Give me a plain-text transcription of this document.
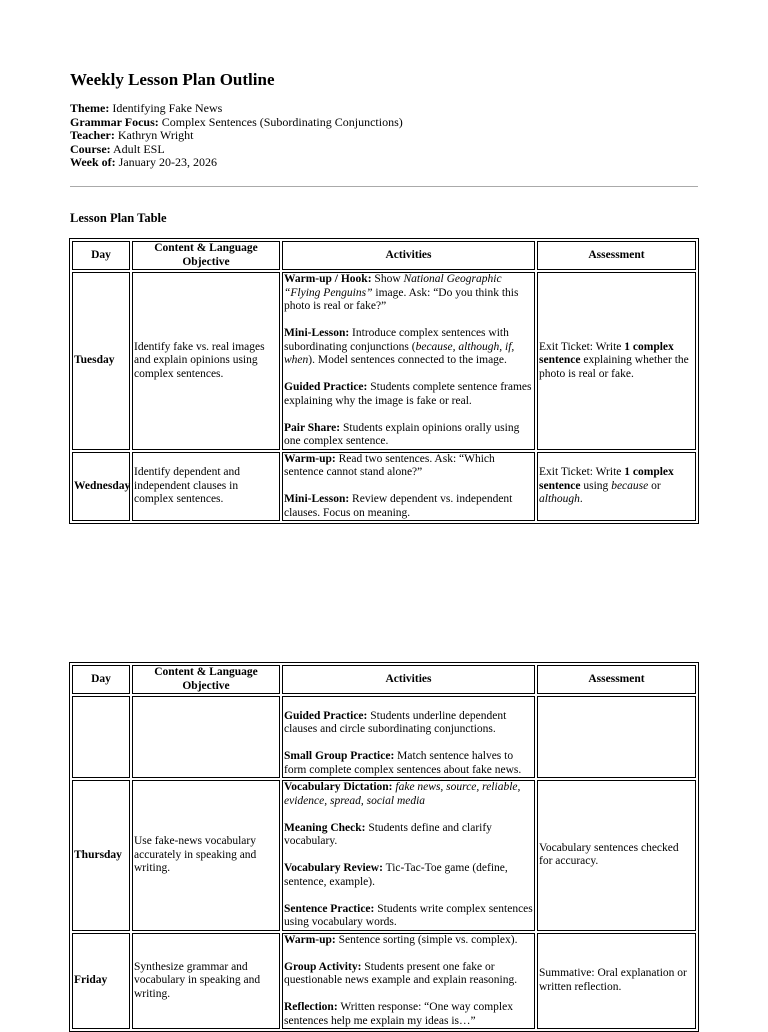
Weekly Lesson Plan Outline
Theme: Identifying Fake News
Grammar Focus: Complex Sentences (Subordinating Conjunctions)
Teacher: Kathryn Wright
Course: Adult ESL
Week of: January 20-23, 2026
Lesson Plan Table
Day	Content & Language Objective	Activities	Assessment
Tuesday	Identify fake vs. real images and explain opinions using complex sentences.	Warm-up / Hook: Show National Geographic “Flying Penguins” image. Ask: “Do you think this photo is real or fake?”

Mini-Lesson: Introduce complex sentences with subordinating conjunctions (because, although, if, when). Model sentences connected to the image.

Guided Practice: Students complete sentence frames explaining why the image is fake or real.

Pair Share: Students explain opinions orally using one complex sentence.	Exit Ticket: Write 1 complex sentence explaining whether the photo is real or fake.
Wednesday	Identify dependent and independent clauses in complex sentences.	Warm-up: Read two sentences. Ask: “Which sentence cannot stand alone?”

Mini-Lesson: Review dependent vs. independent clauses. Focus on meaning.	Exit Ticket: Write 1 complex sentence using because or although.
Day	Content & Language Objective	Activities	Assessment

		Guided Practice: Students underline dependent clauses and circle subordinating conjunctions.

Small Group Practice: Match sentence halves to form complete complex sentences about fake news.	

Thursday	Use fake-news vocabulary accurately in speaking and writing.	Vocabulary Dictation: fake news, source, reliable, evidence, spread, social media

Meaning Check: Students define and clarify vocabulary.

Vocabulary Review: Tic-Tac-Toe game (define, sentence, example).

Sentence Practice: Students write complex sentences using vocabulary words.	Vocabulary sentences checked for accuracy.
Friday	Synthesize grammar and vocabulary in speaking and writing.	Warm-up: Sentence sorting (simple vs. complex).

Group Activity: Students present one fake or questionable news example and explain reasoning.

Reflection: Written response: “One way complex sentences help me explain my ideas is…”	Summative: Oral explanation or written reflection.
